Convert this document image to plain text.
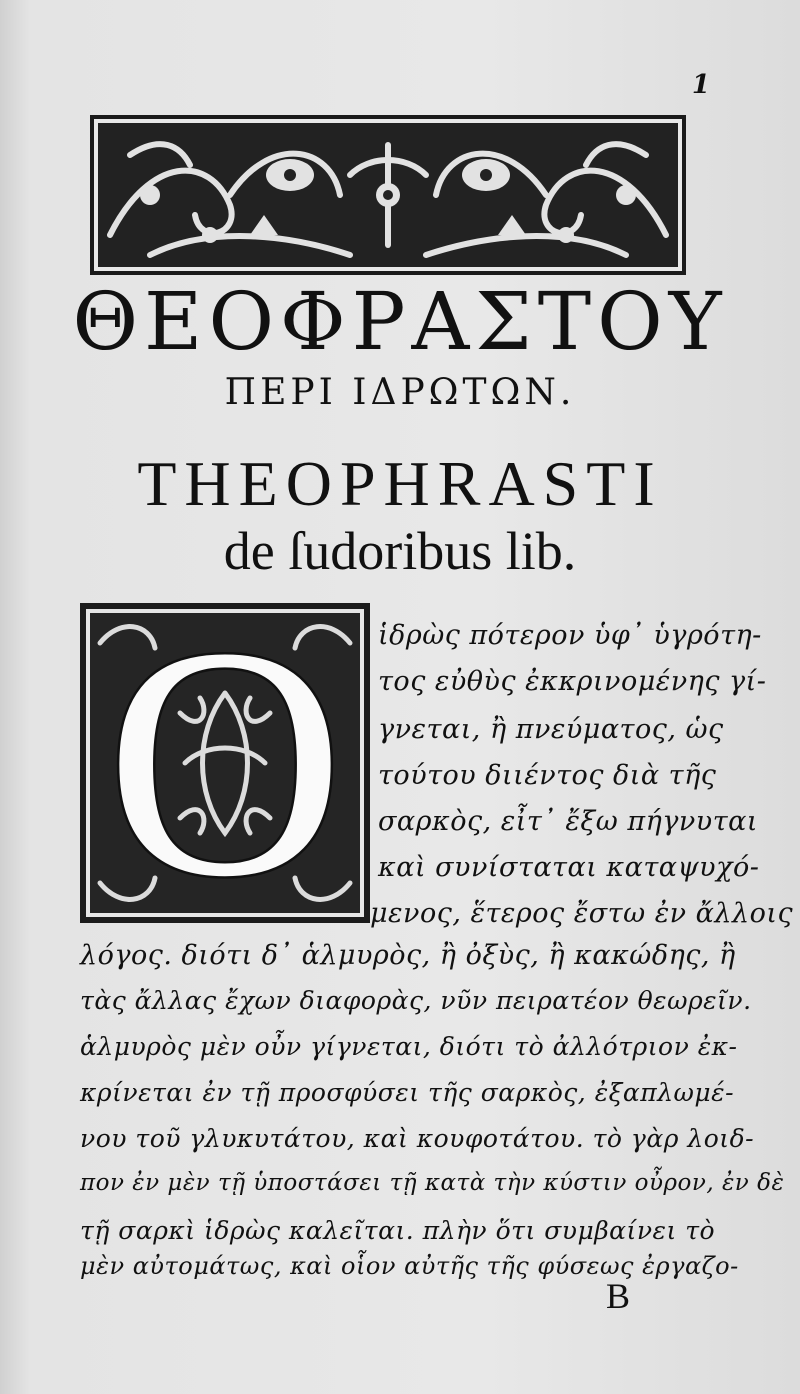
1
ΘΕΟΦΡΑΣΤΟΥ
ΠΕΡΙ ΙΔΡΩΤΩΝ.
THEOPHRASTI
de ſudoribus lib.
O	ἱδρὼς πότερον ὑφ᾽ ὑγρότη-
τος εὐθὺς ἐκκρινομένης γί-
γνεται, ἢ πνεύματος, ὡς
τούτου διιέντος διὰ τῆς
σαρκὸς, εἶτ᾽ ἔξω πήγνυται
καὶ συνίσταται καταψυχό-
μενος, ἕτερος ἔστω ἐν ἄλλοις
λόγος. διότι δ᾽ ἁλμυρὸς, ἢ ὀξὺς, ἢ κακώδης, ἢ
τὰς ἄλλας ἔχων διαφορὰς, νῦν πειρατέον θεωρεῖν.
ἁλμυρὸς μὲν οὖν γίγνεται, διότι τὸ ἀλλότριον ἐκ-
κρίνεται ἐν τῇ προσφύσει τῆς σαρκὸς, ἐξαπλωμέ-
νου τοῦ γλυκυτάτου, καὶ κουφοτάτου. τὸ γὰρ λοιδ-
πον ἐν μὲν τῇ ὑποστάσει τῇ κατὰ τὴν κύστιν οὖρον, ἐν δὲ
τῇ σαρκὶ ἱδρὼς καλεῖται. πλὴν ὅτι συμβαίνει τὸ
μὲν αὐτομάτως, καὶ οἷον αὐτῆς τῆς φύσεως ἐργαζο-
B
